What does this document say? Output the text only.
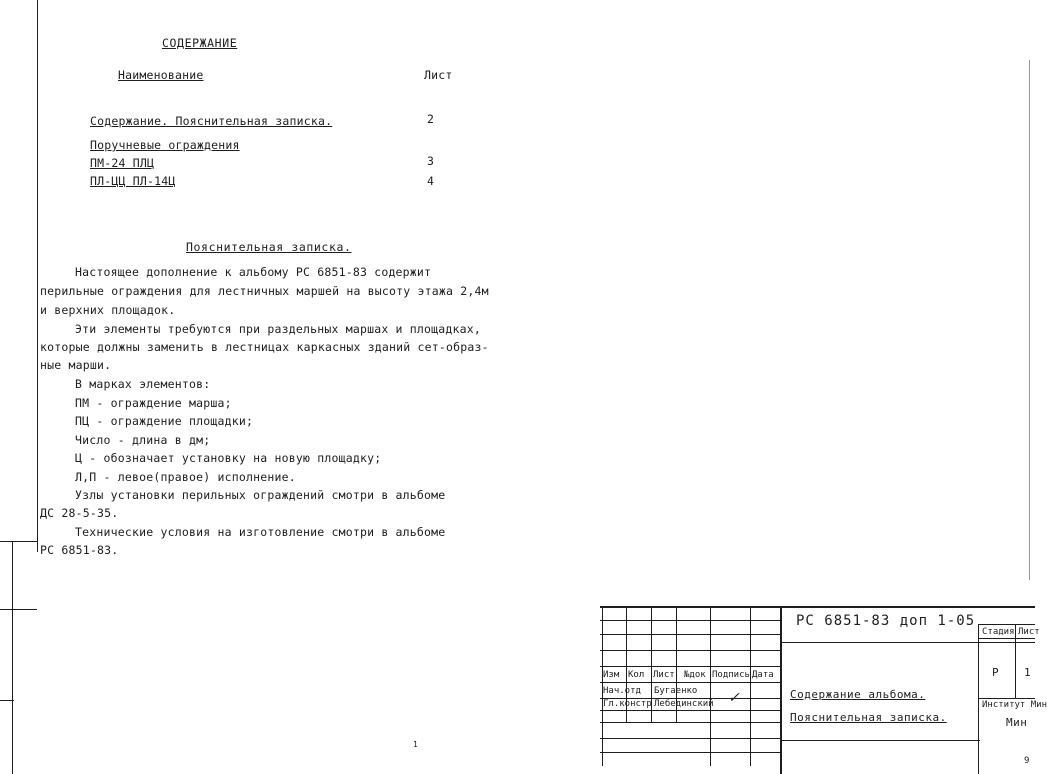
СОДЕРЖАНИЕ
Наименование	Лист
Содержание. Пояснительная записка.	2
Поручневые ограждения
ПМ-24 ПЛЦ	3
ПЛ-ЦЦ ПЛ-14Ц	4
Пояснительная записка.
Настоящее дополнение к альбому РС 6851-83 содержит
перильные ограждения для лестничных маршей на высоту этажа 2,4м
и верхних площадок.
Эти элементы требуются при раздельных маршах и площадках,
которые должны заменить в лестницах каркасных зданий сет-образ-
ные марши.
В марках элементов:
ПМ - ограждение марша;
ПЦ - ограждение площадки;
Число - длина в дм;
Ц - обозначает установку на новую площадку;
Л,П - левое(правое) исполнение.
Узлы установки перильных ограждений смотри в альбоме
ДС 28-5-35.
Технические условия на изготовление смотри в альбоме
РС 6851-83.
1
Изм Кол Лист №док Подпись Дата
Нач.отд Бугаенко
Гл.констр Лебединский ✓
РС 6851-83 доп 1-05
Содержание альбома.
Пояснительная записка.
Стадия Лист
Р 1
Институт Мин
Мин
9
